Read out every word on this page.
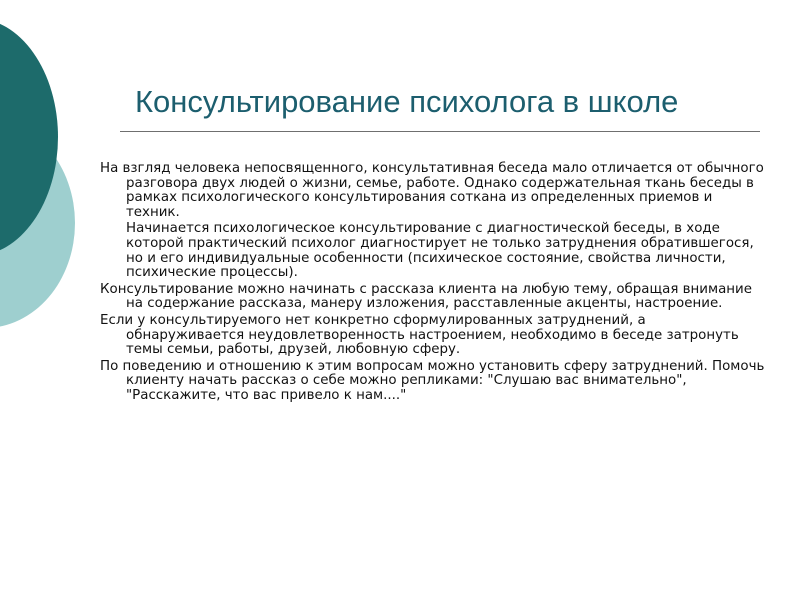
Консультирование психолога в школе

На взгляд человека непосвященного, консультативная беседа мало отличается от обычного разговора двух людей о жизни, семье, работе. Однако содержательная ткань беседы в рамках психологического консультирования соткана из определенных приемов и техник.

Начинается психологическое консультирование с диагностической беседы, в ходе которой практический психолог диагностирует не только затруднения обратившегося, но и его индивидуальные особенности (психическое состояние, свойства личности, психические процессы).

Консультирование можно начинать с рассказа клиента на любую тему, обращая внимание на содержание рассказа, манеру изложения, расставленные акценты, настроение.

Если у консультируемого нет конкретно сформулированных затруднений, а обнаруживается неудовлетворенность настроением, необходимо в беседе затронуть темы семьи, работы, друзей, любовную сферу.

По поведению и отношению к этим вопросам можно установить сферу затруднений. Помочь клиенту начать рассказ о себе можно репликами: "Слушаю вас внимательно", "Расскажите, что вас привело к нам...."
